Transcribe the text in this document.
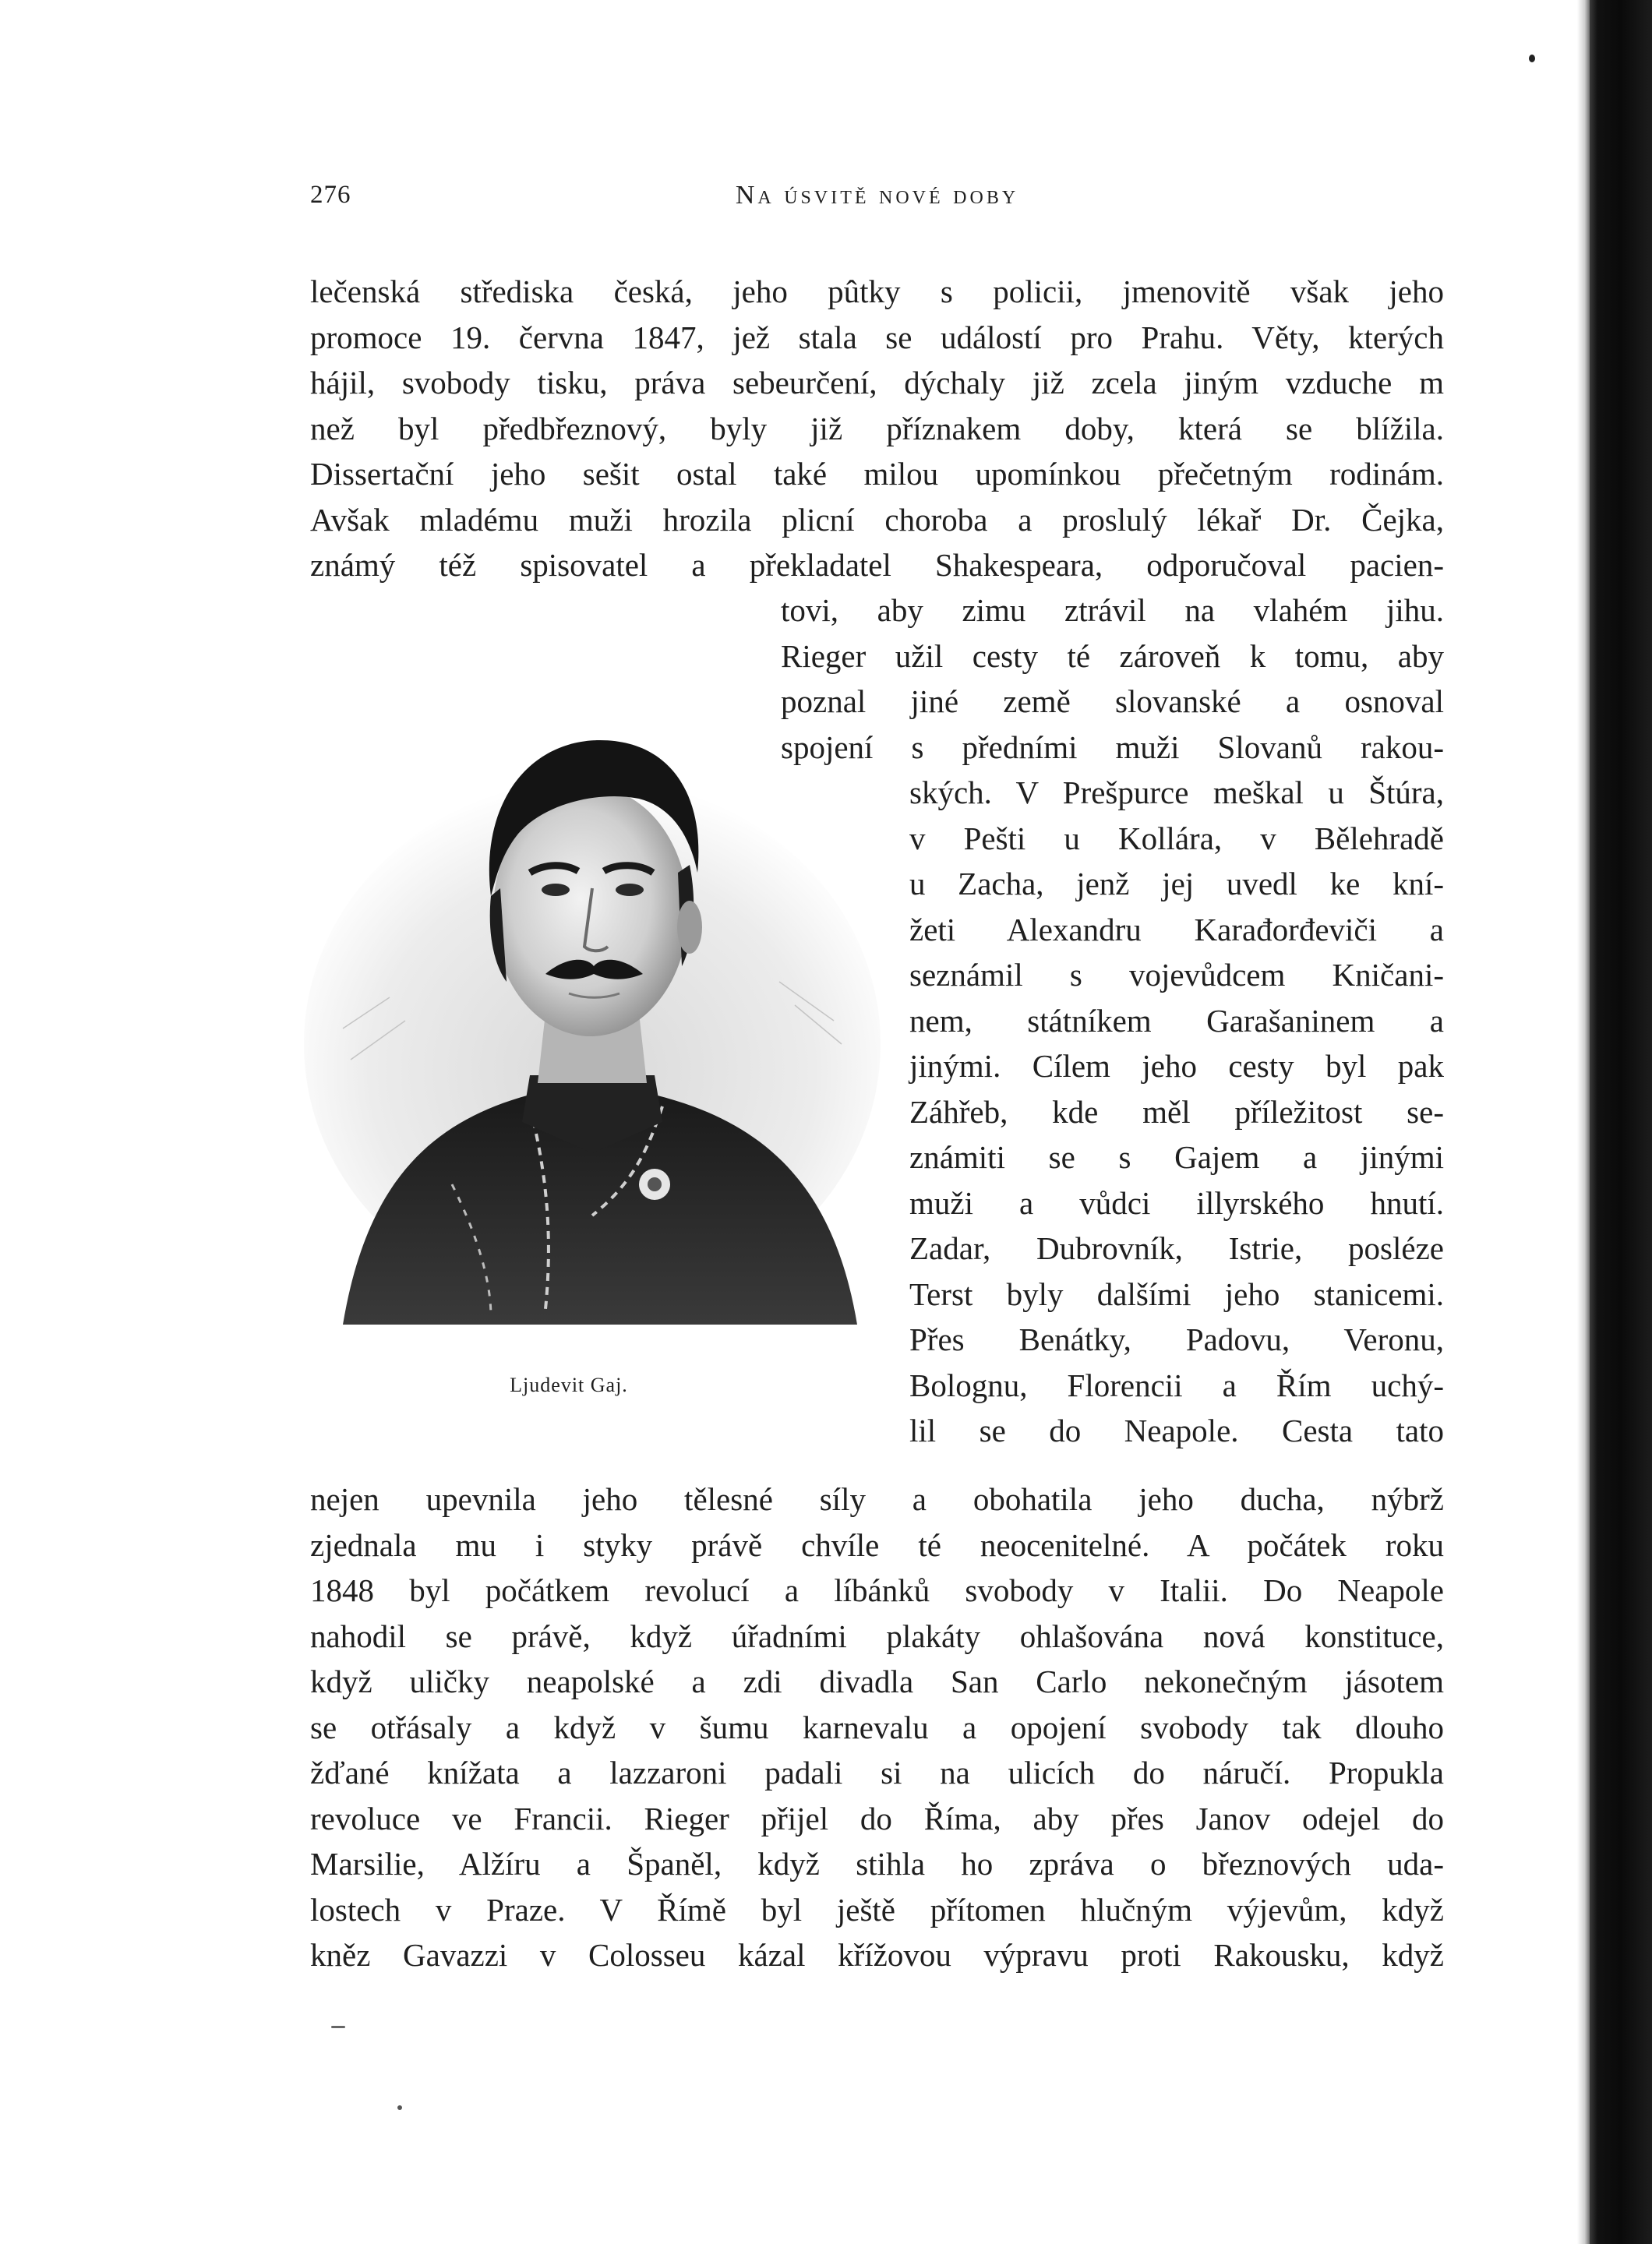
276	Na úsvitě nové doby
lečenská střediska česká, jeho pûtky s policii, jmenovitě však jeho
promoce 19. června 1847, jež stala se událostí pro Prahu. Věty, kterých
hájil, svobody tisku, práva sebeurčení, dýchaly již zcela jiným vzduche m
než byl předbřeznový, byly již příznakem doby, která se blížila.
Dissertační jeho sešit ostal také milou upomínkou přečetným rodinám.
Avšak mladému muži hrozila plicní choroba a proslulý lékař Dr. Čejka,
známý též spisovatel a překladatel Shakespeara, odporučoval pacien-
tovi, aby zimu ztrávil na vlahém jihu.
Rieger užil cesty té zároveň k tomu, aby
poznal jiné země slovanské a osnoval
spojení s předními muži Slovanů rakou-
ských. V Prešpurce meškal u Štúra,
v Pešti u Kollára, v Bělehradě
u Zacha, jenž jej uvedl ke kní-
žeti Alexandru Karađorđeviči a
seznámil s vojevůdcem Kničani-
nem, státníkem Garašaninem a
jinými. Cílem jeho cesty byl pak
Záhřeb, kde měl příležitost se-
známiti se s Gajem a jinými
muži a vůdci illyrského hnutí.
Zadar, Dubrovník, Istrie, posléze
Terst byly dalšími jeho stanicemi.
Přes Benátky, Padovu, Veronu,
Bolognu, Florencii a Řím uchý-
lil se do Neapole. Cesta tato
Ljudevit Gaj.
nejen upevnila jeho tělesné síly a obohatila jeho ducha, nýbrž
zjednala mu i styky právě chvíle té neocenitelné. A počátek roku
1848 byl počátkem revolucí a líbánků svobody v Italii. Do Neapole
nahodil se právě, když úřadními plakáty ohlašována nová konstituce,
když uličky neapolské a zdi divadla San Carlo nekonečným jásotem
se otřásaly a když v šumu karnevalu a opojení svobody tak dlouho
žďané knížata a lazzaroni padali si na ulicích do náručí. Propukla
revoluce ve Francii. Rieger přijel do Říma, aby přes Janov odejel do
Marsilie, Alžíru a Španěl, když stihla ho zpráva o březnových uda-
lostech v Praze. V Římě byl ještě přítomen hlučným výjevům, když
kněz Gavazzi v Colosseu kázal křížovou výpravu proti Rakousku, když
